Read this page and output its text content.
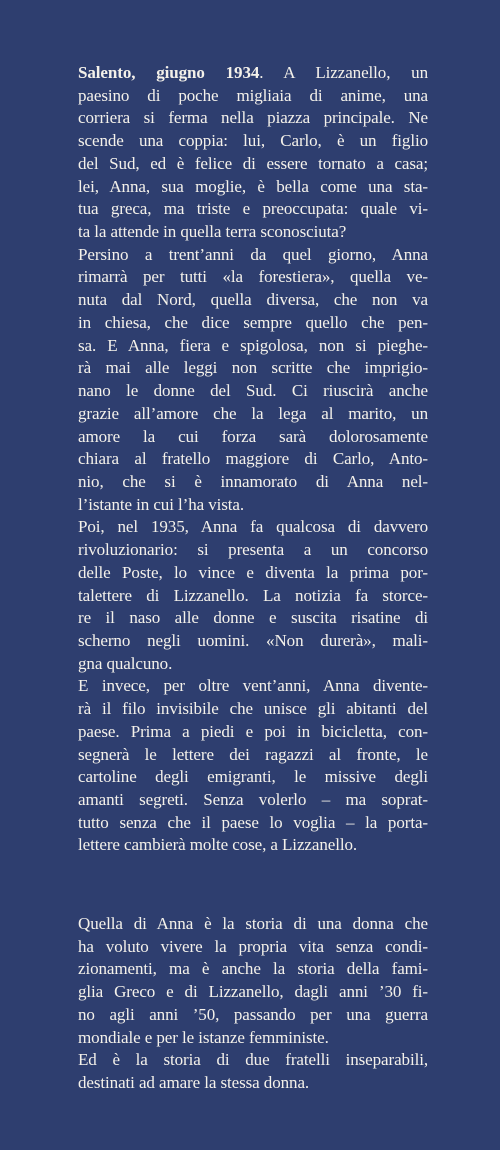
Salento, giugno 1934. A Lizzanello, un
paesino di poche migliaia di anime, una
corriera si ferma nella piazza principale. Ne
scende una coppia: lui, Carlo, è un figlio
del Sud, ed è felice di essere tornato a casa;
lei, Anna, sua moglie, è bella come una sta-
tua greca, ma triste e preoccupata: quale vi-
ta la attende in quella terra sconosciuta?
Persino a trent’anni da quel giorno, Anna
rimarrà per tutti «la forestiera», quella ve-
nuta dal Nord, quella diversa, che non va
in chiesa, che dice sempre quello che pen-
sa. E Anna, fiera e spigolosa, non si pieghe-
rà mai alle leggi non scritte che imprigio-
nano le donne del Sud. Ci riuscirà anche
grazie all’amore che la lega al marito, un
amore la cui forza sarà dolorosamente
chiara al fratello maggiore di Carlo, Anto-
nio, che si è innamorato di Anna nel-
l’istante in cui l’ha vista.
Poi, nel 1935, Anna fa qualcosa di davvero
rivoluzionario: si presenta a un concorso
delle Poste, lo vince e diventa la prima por-
talettere di Lizzanello. La notizia fa storce-
re il naso alle donne e suscita risatine di
scherno negli uomini. «Non durerà», mali-
gna qualcuno.
E invece, per oltre vent’anni, Anna divente-
rà il filo invisibile che unisce gli abitanti del
paese. Prima a piedi e poi in bicicletta, con-
segnerà le lettere dei ragazzi al fronte, le
cartoline degli emigranti, le missive degli
amanti segreti. Senza volerlo – ma soprat-
tutto senza che il paese lo voglia – la porta-
lettere cambierà molte cose, a Lizzanello.
Quella di Anna è la storia di una donna che
ha voluto vivere la propria vita senza condi-
zionamenti, ma è anche la storia della fami-
glia Greco e di Lizzanello, dagli anni ’30 fi-
no agli anni ’50, passando per una guerra
mondiale e per le istanze femministe.
Ed è la storia di due fratelli inseparabili,
destinati ad amare la stessa donna.
